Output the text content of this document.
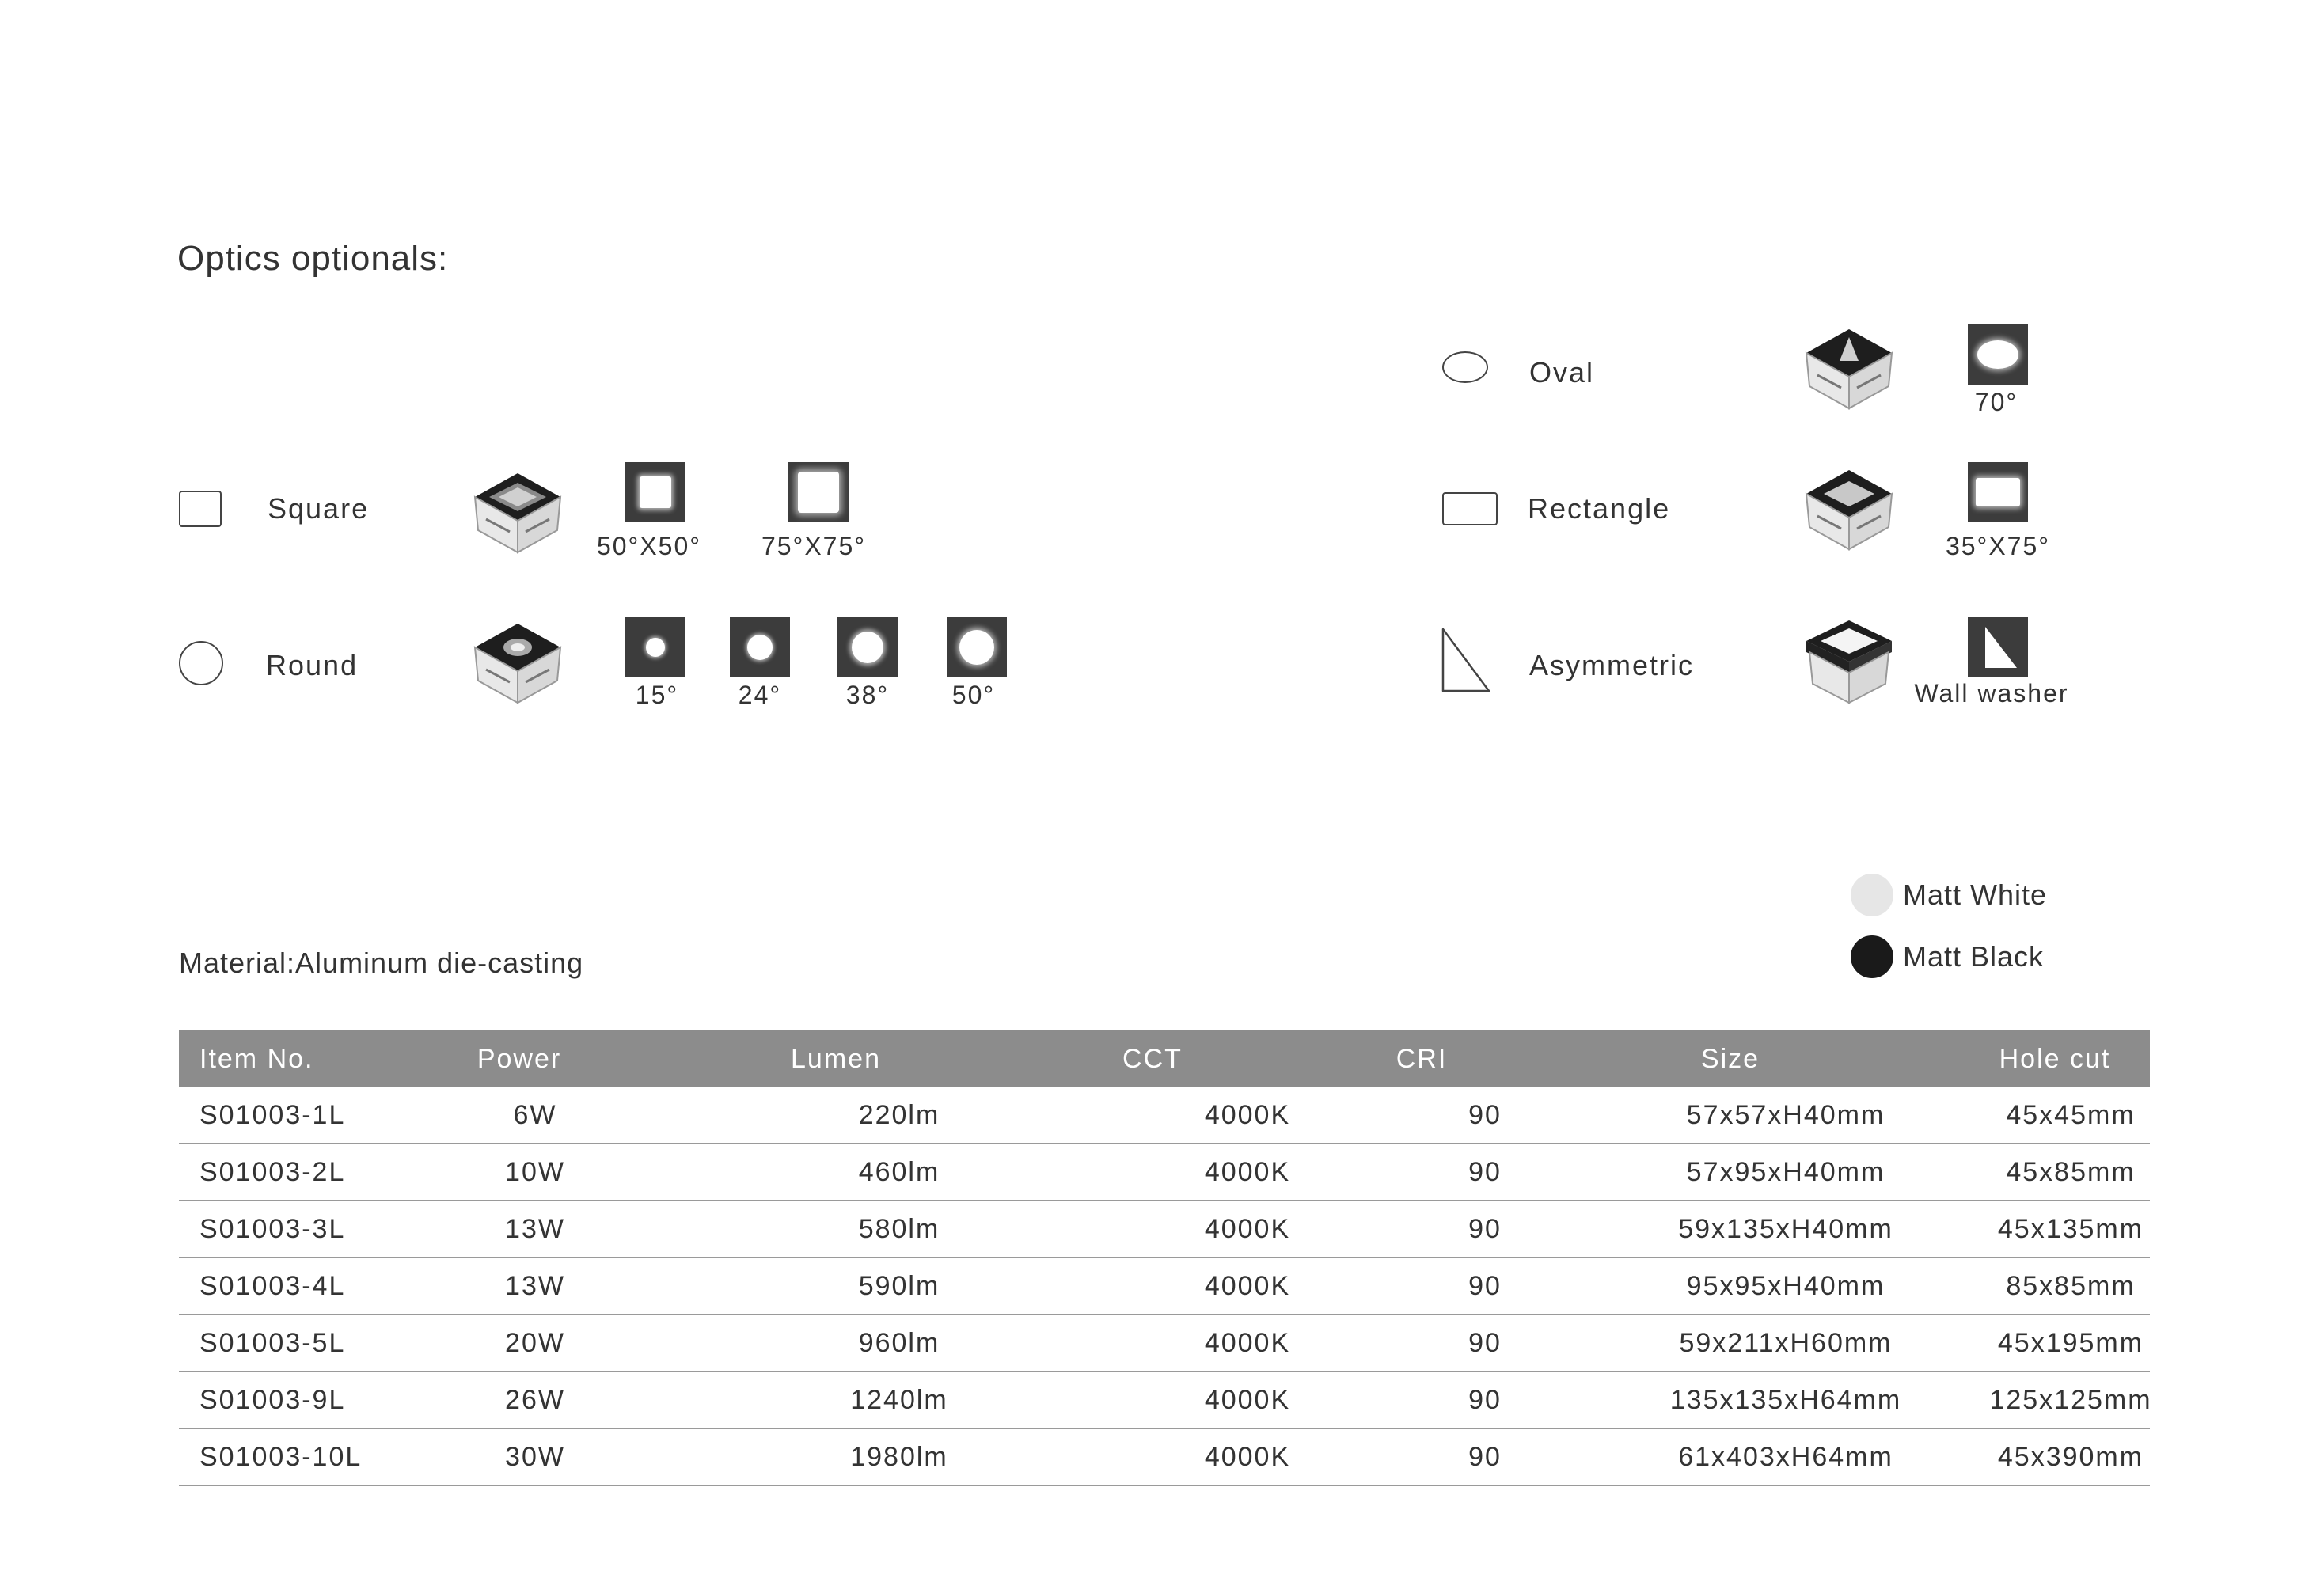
Optics optionals:
Square
50°X50°	75°X75°
Round
15°	24°	38°	50°
Oval
70°
Rectangle
35°X75°
Asymmetric
Wall washer
Matt White
Matt Black
Material:Aluminum die-casting
Item No.	Power	Lumen	CCT	CRI	Size	Hole cut
S01003-1L	6W	220lm	4000K	90	57x57xH40mm	45x45mm
S01003-2L	10W	460lm	4000K	90	57x95xH40mm	45x85mm
S01003-3L	13W	580lm	4000K	90	59x135xH40mm	45x135mm
S01003-4L	13W	590lm	4000K	90	95x95xH40mm	85x85mm
S01003-5L	20W	960lm	4000K	90	59x211xH60mm	45x195mm
S01003-9L	26W	1240lm	4000K	90	135x135xH64mm	125x125mm
S01003-10L	30W	1980lm	4000K	90	61x403xH64mm	45x390mm
